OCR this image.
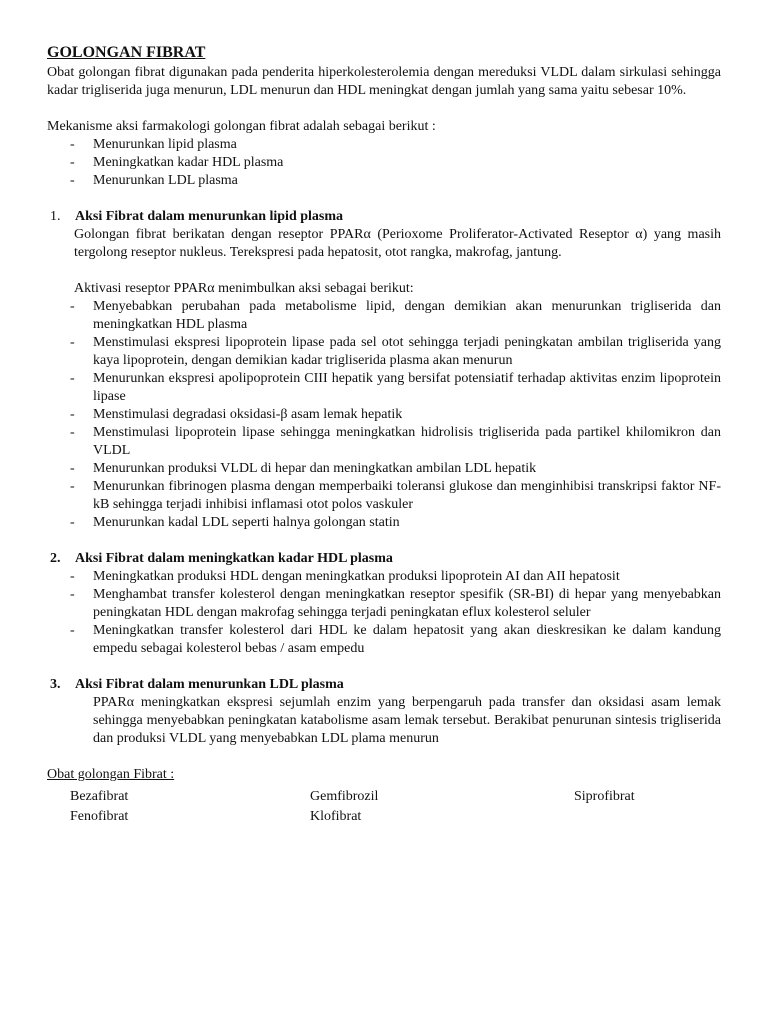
GOLONGAN FIBRAT

Obat golongan fibrat digunakan pada penderita hiperkolesterolemia dengan mereduksi VLDL dalam sirkulasi sehingga kadar trigliserida juga menurun, LDL menurun dan HDL meningkat dengan jumlah yang sama yaitu sebesar 10%.

Mekanisme aksi farmakologi golongan fibrat adalah sebagai berikut :

- Menurunkan lipid plasma
- Meningkatkan kadar HDL plasma
- Menurunkan LDL plasma
1. Aksi Fibrat dalam menurunkan lipid plasma

Golongan fibrat berikatan dengan reseptor PPARα (Perioxome Proliferator-Activated Reseptor α) yang masih tergolong reseptor nukleus. Terekspresi pada hepatosit, otot rangka, makrofag, jantung.

Aktivasi reseptor PPARα menimbulkan aksi sebagai berikut:

- Menyebabkan perubahan pada metabolisme lipid, dengan demikian akan menurunkan trigliserida dan meningkatkan HDL plasma
- Menstimulasi ekspresi lipoprotein lipase pada sel otot sehingga terjadi peningkatan ambilan trigliserida yang kaya lipoprotein, dengan demikian kadar trigliserida plasma akan menurun
- Menurunkan ekspresi apolipoprotein CIII hepatik yang bersifat potensiatif terhadap aktivitas enzim lipoprotein lipase
- Menstimulasi degradasi oksidasi-β asam lemak hepatik
- Menstimulasi lipoprotein lipase sehingga meningkatkan hidrolisis trigliserida pada partikel khilomikron dan VLDL
- Menurunkan produksi VLDL di hepar dan meningkatkan ambilan LDL hepatik
- Menurunkan fibrinogen plasma dengan memperbaiki toleransi glukose dan menginhibisi transkripsi faktor NF-kB sehingga terjadi inhibisi inflamasi otot polos vaskuler
- Menurunkan kadal LDL seperti halnya golongan statin
2. Aksi Fibrat dalam meningkatkan kadar HDL plasma
- Meningkatkan produksi HDL dengan meningkatkan produksi lipoprotein AI dan AII hepatosit
- Menghambat transfer kolesterol dengan meningkatkan reseptor spesifik (SR-BI) di hepar yang menyebabkan peningkatan HDL dengan makrofag sehingga terjadi peningkatan eflux kolesterol seluler
- Meningkatkan transfer kolesterol dari HDL ke dalam hepatosit yang akan dieskresikan ke dalam kandung empedu sebagai kolesterol bebas / asam empedu
3. Aksi Fibrat dalam menurunkan LDL plasma

PPARα meningkatkan ekspresi sejumlah enzim yang berpengaruh pada transfer dan oksidasi asam lemak sehingga menyebabkan peningkatan katabolisme asam lemak tersebut. Berakibat penurunan sintesis trigliserida dan produksi VLDL yang menyebabkan LDL plama menurun

Obat golongan Fibrat :
Bezafibrat	Gemfibrozil	Siprofibrat
Fenofibrat	Klofibrat
